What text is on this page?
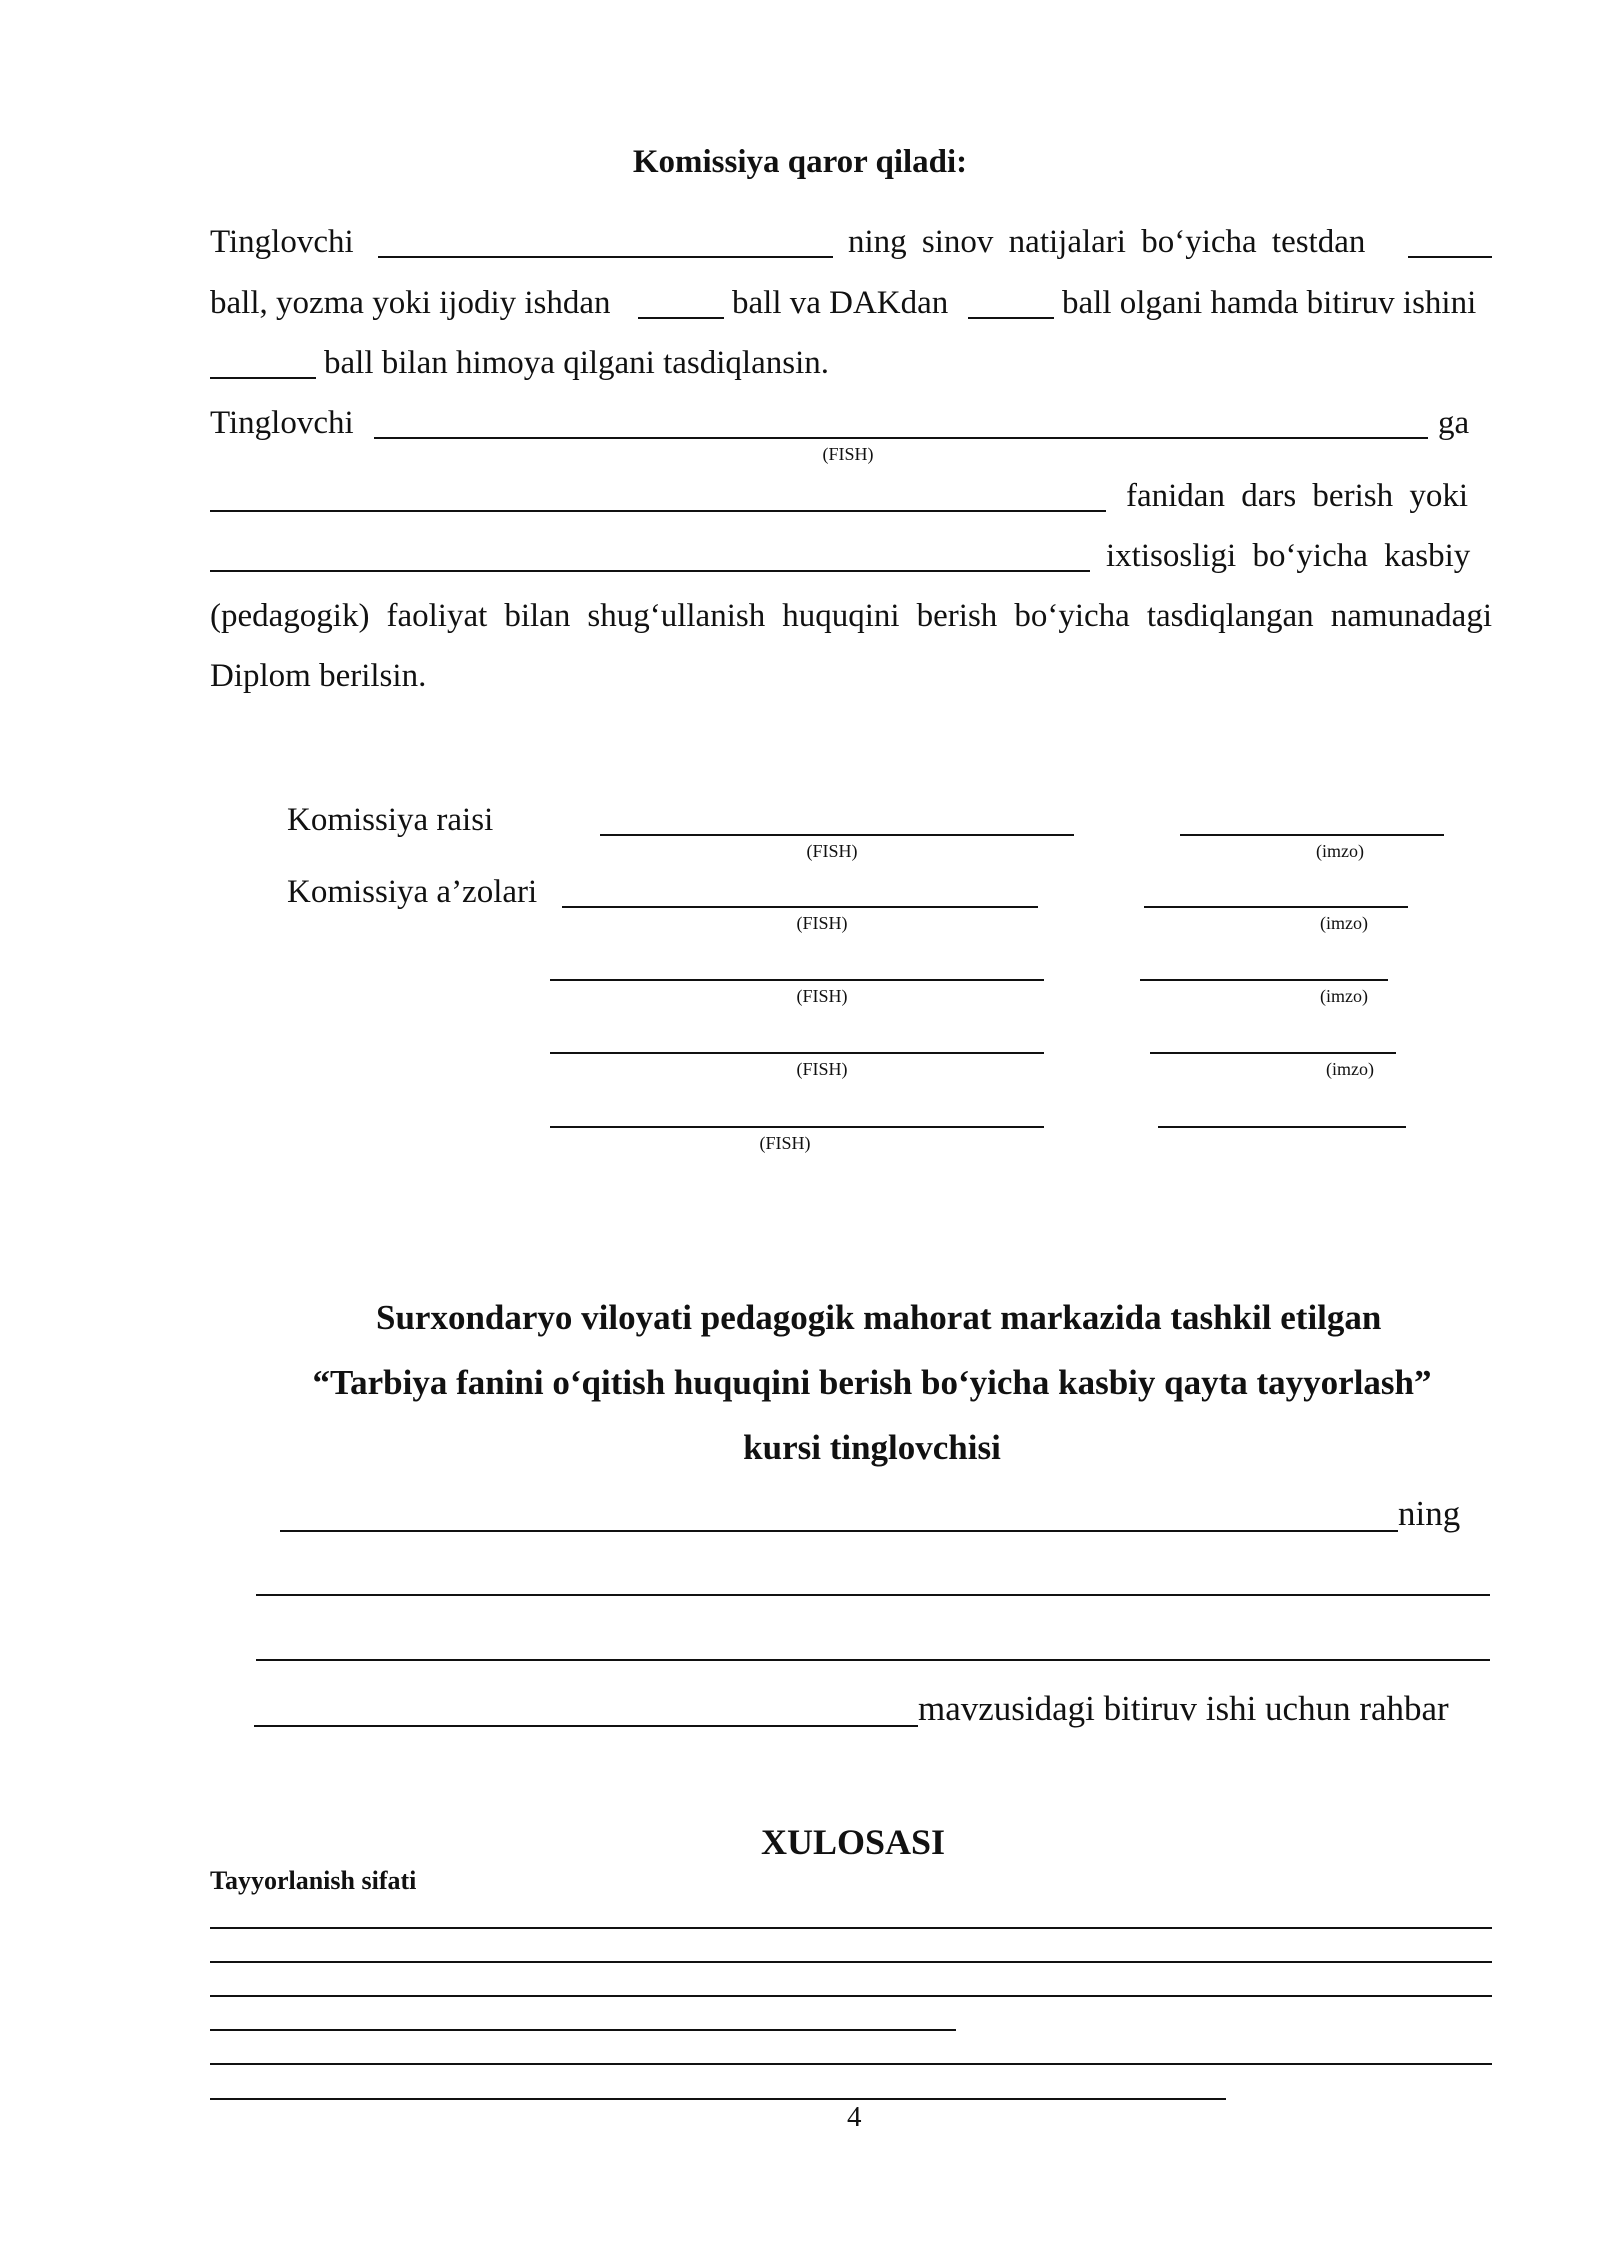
Komissiya qaror qiladi:
Tinglovchi	ning sinov natijalari bo‘yicha testdan
ball, yozma yoki ijodiy ishdan	ball va DAKdan	ball olgani hamda bitiruv ishini
ball bilan himoya qilgani tasdiqlansin.
Tinglovchi	ga
(FISH)
fanidan dars berish yoki
ixtisosligi bo‘yicha kasbiy
(pedagogik) faoliyat bilan shug‘ullanish huquqini berish bo‘yicha tasdiqlangan namunadagi
Diplom berilsin.
Komissiya raisi
(FISH)	(imzo)
Komissiya a’zolari
(FISH)	(imzo)
(FISH)	(imzo)
(FISH)	(imzo)
(FISH)
Surxondaryo viloyati pedagogik mahorat markazida tashkil etilgan
“Tarbiya fanini o‘qitish huquqini berish bo‘yicha kasbiy qayta tayyorlash”
kursi tinglovchisi
ning
mavzusidagi bitiruv ishi uchun rahbar
XULOSASI
Tayyorlanish sifati
4
